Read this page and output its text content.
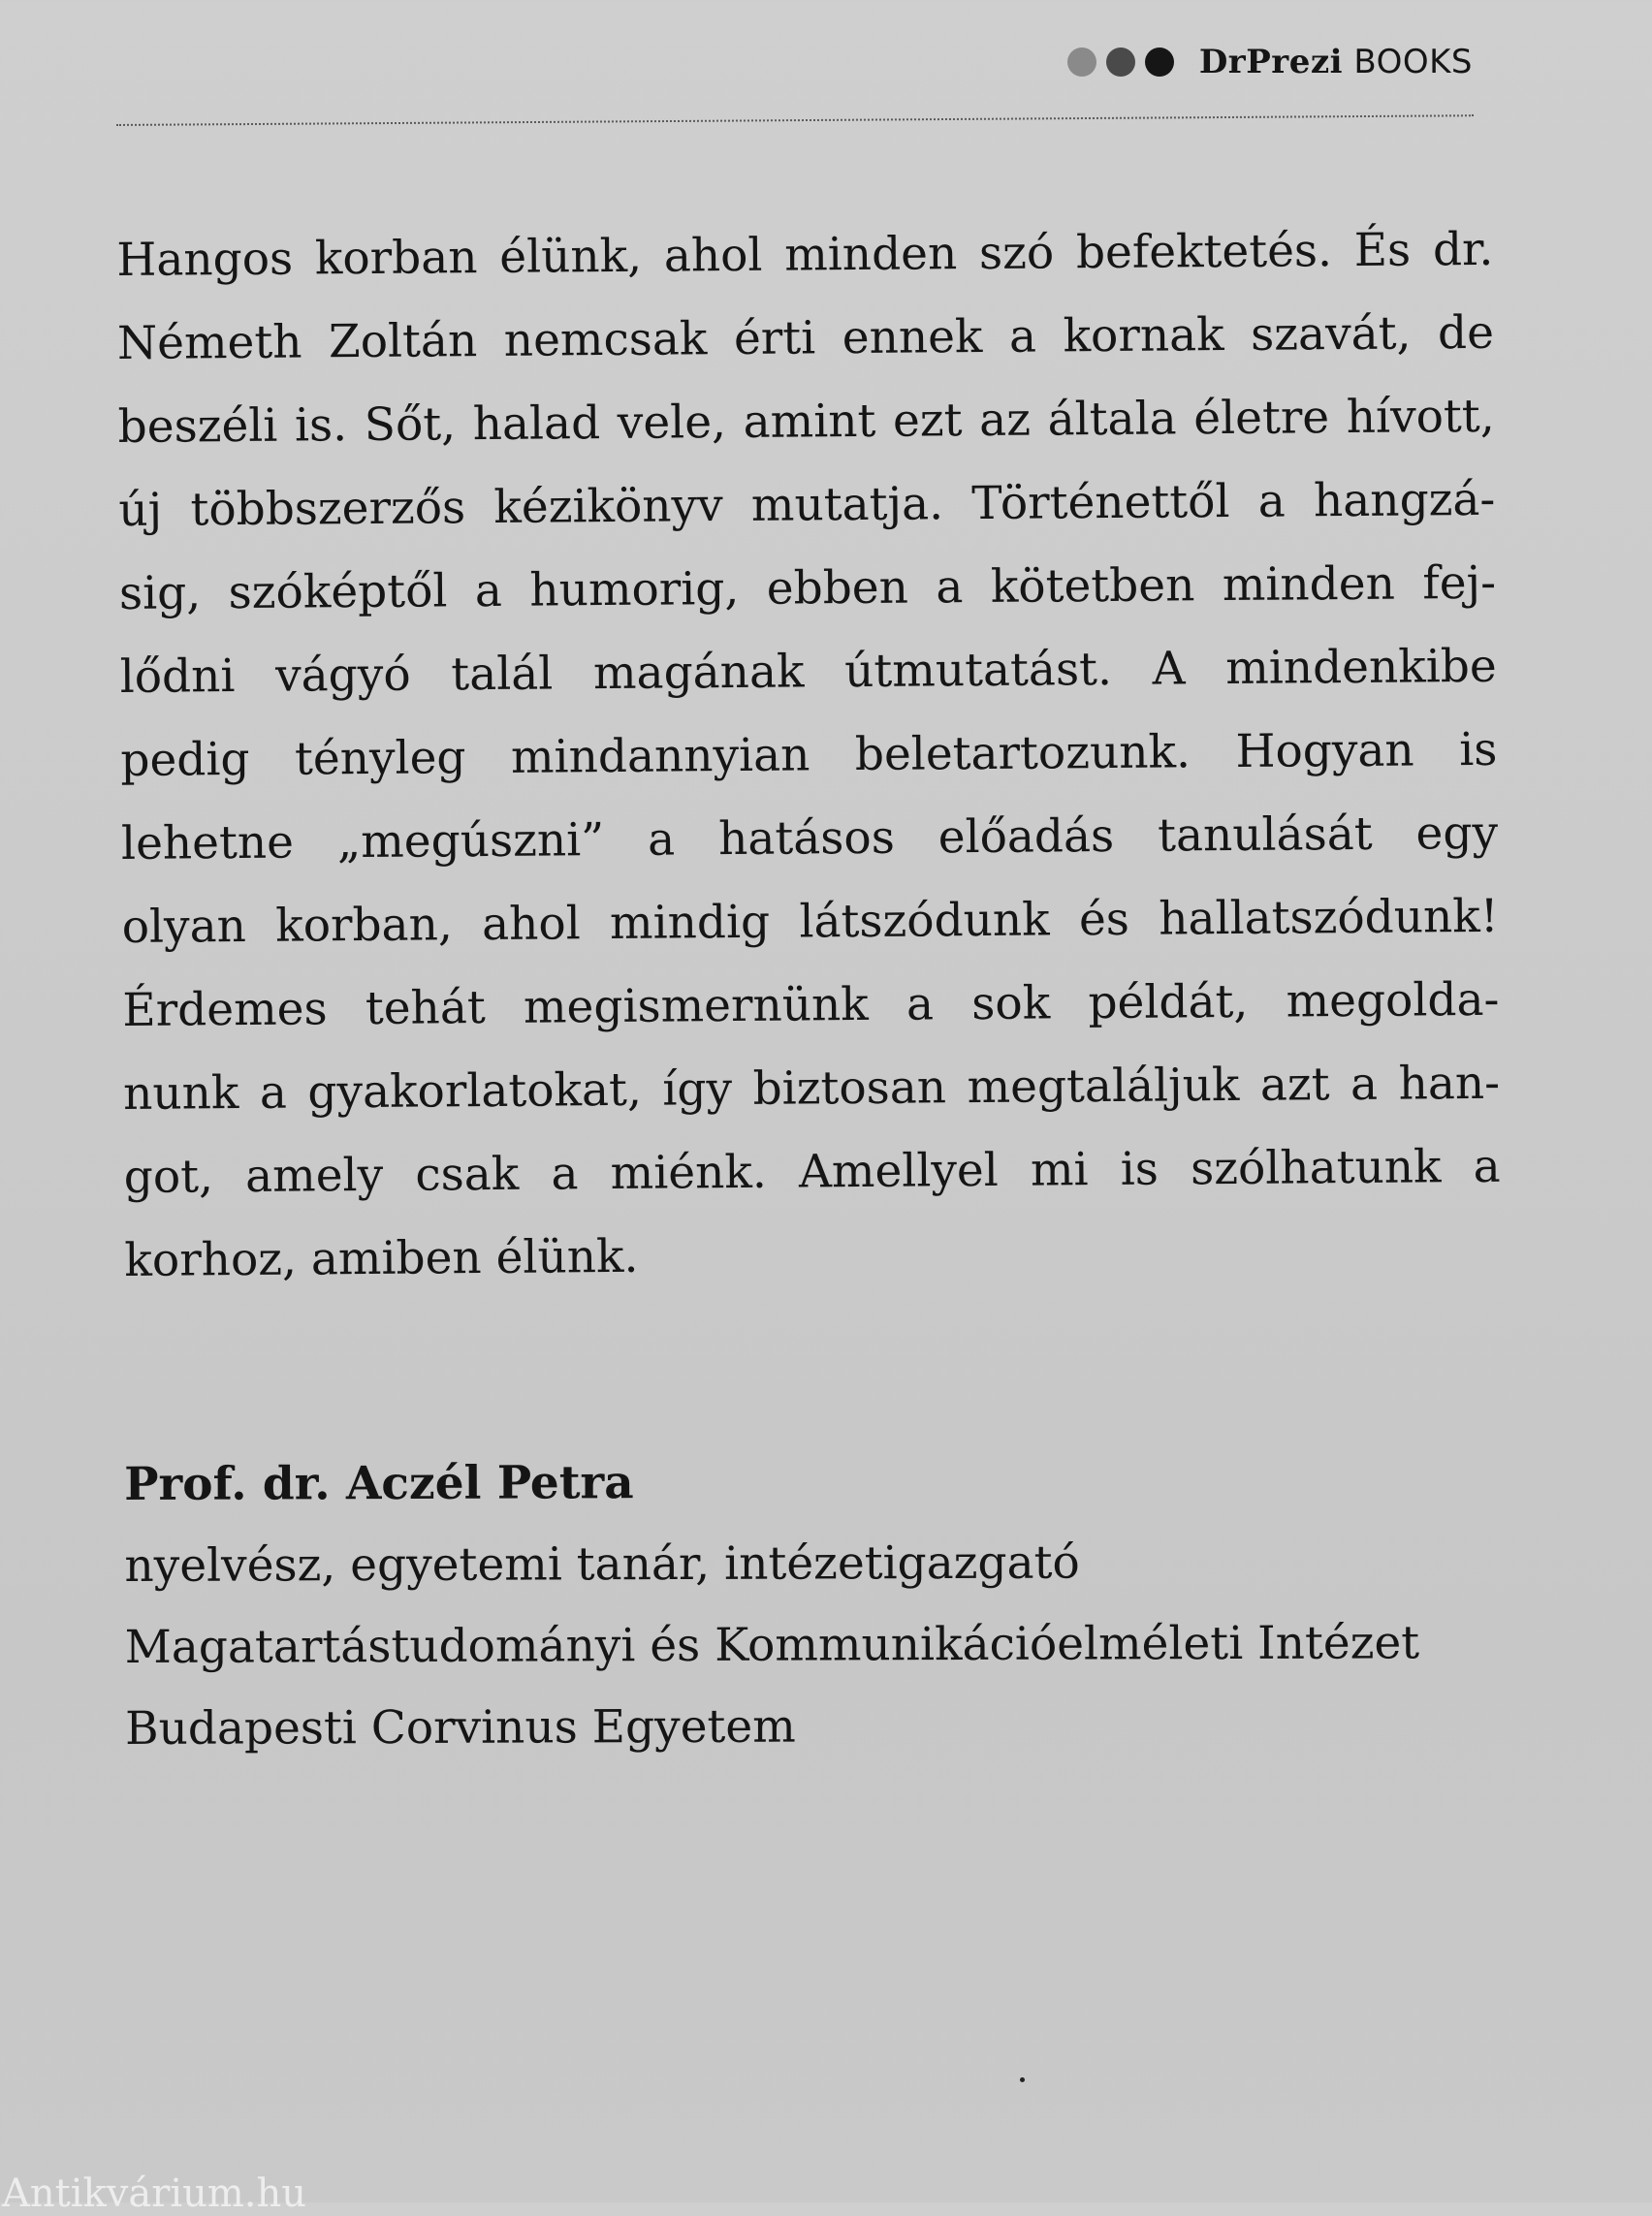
DrPrezi BOOKS
Hangos korban élünk, ahol minden szó befektetés. És dr.
Németh Zoltán nemcsak érti ennek a kornak szavát, de
beszéli is. Sőt, halad vele, amint ezt az általa életre hívott,
új többszerzős kézikönyv mutatja. Történettől a hangzá-
sig, szóképtől a humorig, ebben a kötetben minden fej-
lődni vágyó talál magának útmutatást. A mindenkibe
pedig tényleg mindannyian beletartozunk. Hogyan is
lehetne „megúszni” a hatásos előadás tanulását egy
olyan korban, ahol mindig látszódunk és hallatszódunk!
Érdemes tehát megismernünk a sok példát, megolda-
nunk a gyakorlatokat, így biztosan megtaláljuk azt a han-
got, amely csak a miénk. Amellyel mi is szólhatunk a
korhoz, amiben élünk.
Prof. dr. Aczél Petra
nyelvész, egyetemi tanár, intézetigazgató
Magatartástudományi és Kommunikációelméleti Intézet
Budapesti Corvinus Egyetem
Antikvárium.hu
